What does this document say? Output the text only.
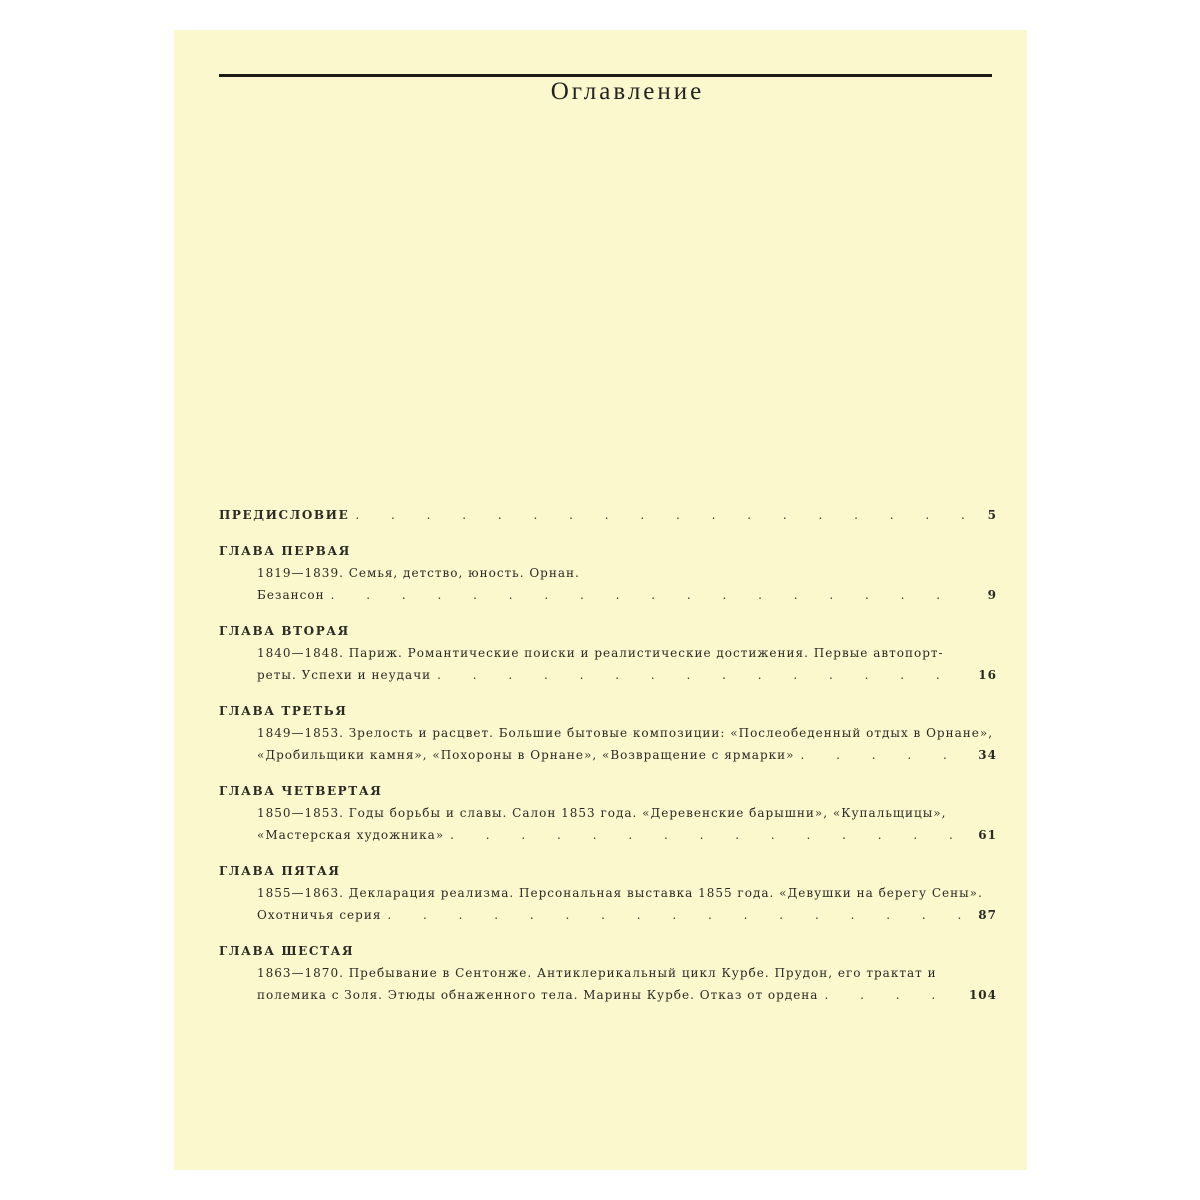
Оглавление
ПРЕДИСЛОВИЕ . . .	5
ГЛАВА ПЕРВАЯ
1819—1839. Семья, детство, юность. Орнан.
Безансон . . .	9
ГЛАВА ВТОРАЯ
1840—1848. Париж. Романтические поиски и реалистические достижения. Первые автопорт-
реты. Успехи и неудачи . . .	16
ГЛАВА ТРЕТЬЯ
1849—1853. Зрелость и расцвет. Большие бытовые композиции: «Послеобеденный отдых в Орнане»,
«Дробильщики камня», «Похороны в Орнане», «Возвращение с ярмарки» . . .	34
ГЛАВА ЧЕТВЕРТАЯ
1850—1853. Годы борьбы и славы. Салон 1853 года. «Деревенские барышни», «Купальщицы»,
«Мастерская художника» . . .	61
ГЛАВА ПЯТАЯ
1855—1863. Декларация реализма. Персональная выставка 1855 года. «Девушки на берегу Сены».
Охотничья серия . . .	87
ГЛАВА ШЕСТАЯ
1863—1870. Пребывание в Сентонже. Антиклерикальный цикл Курбе. Прудон, его трактат и
полемика с Золя. Этюды обнаженного тела. Марины Курбе. Отказ от ордена . . .	104
